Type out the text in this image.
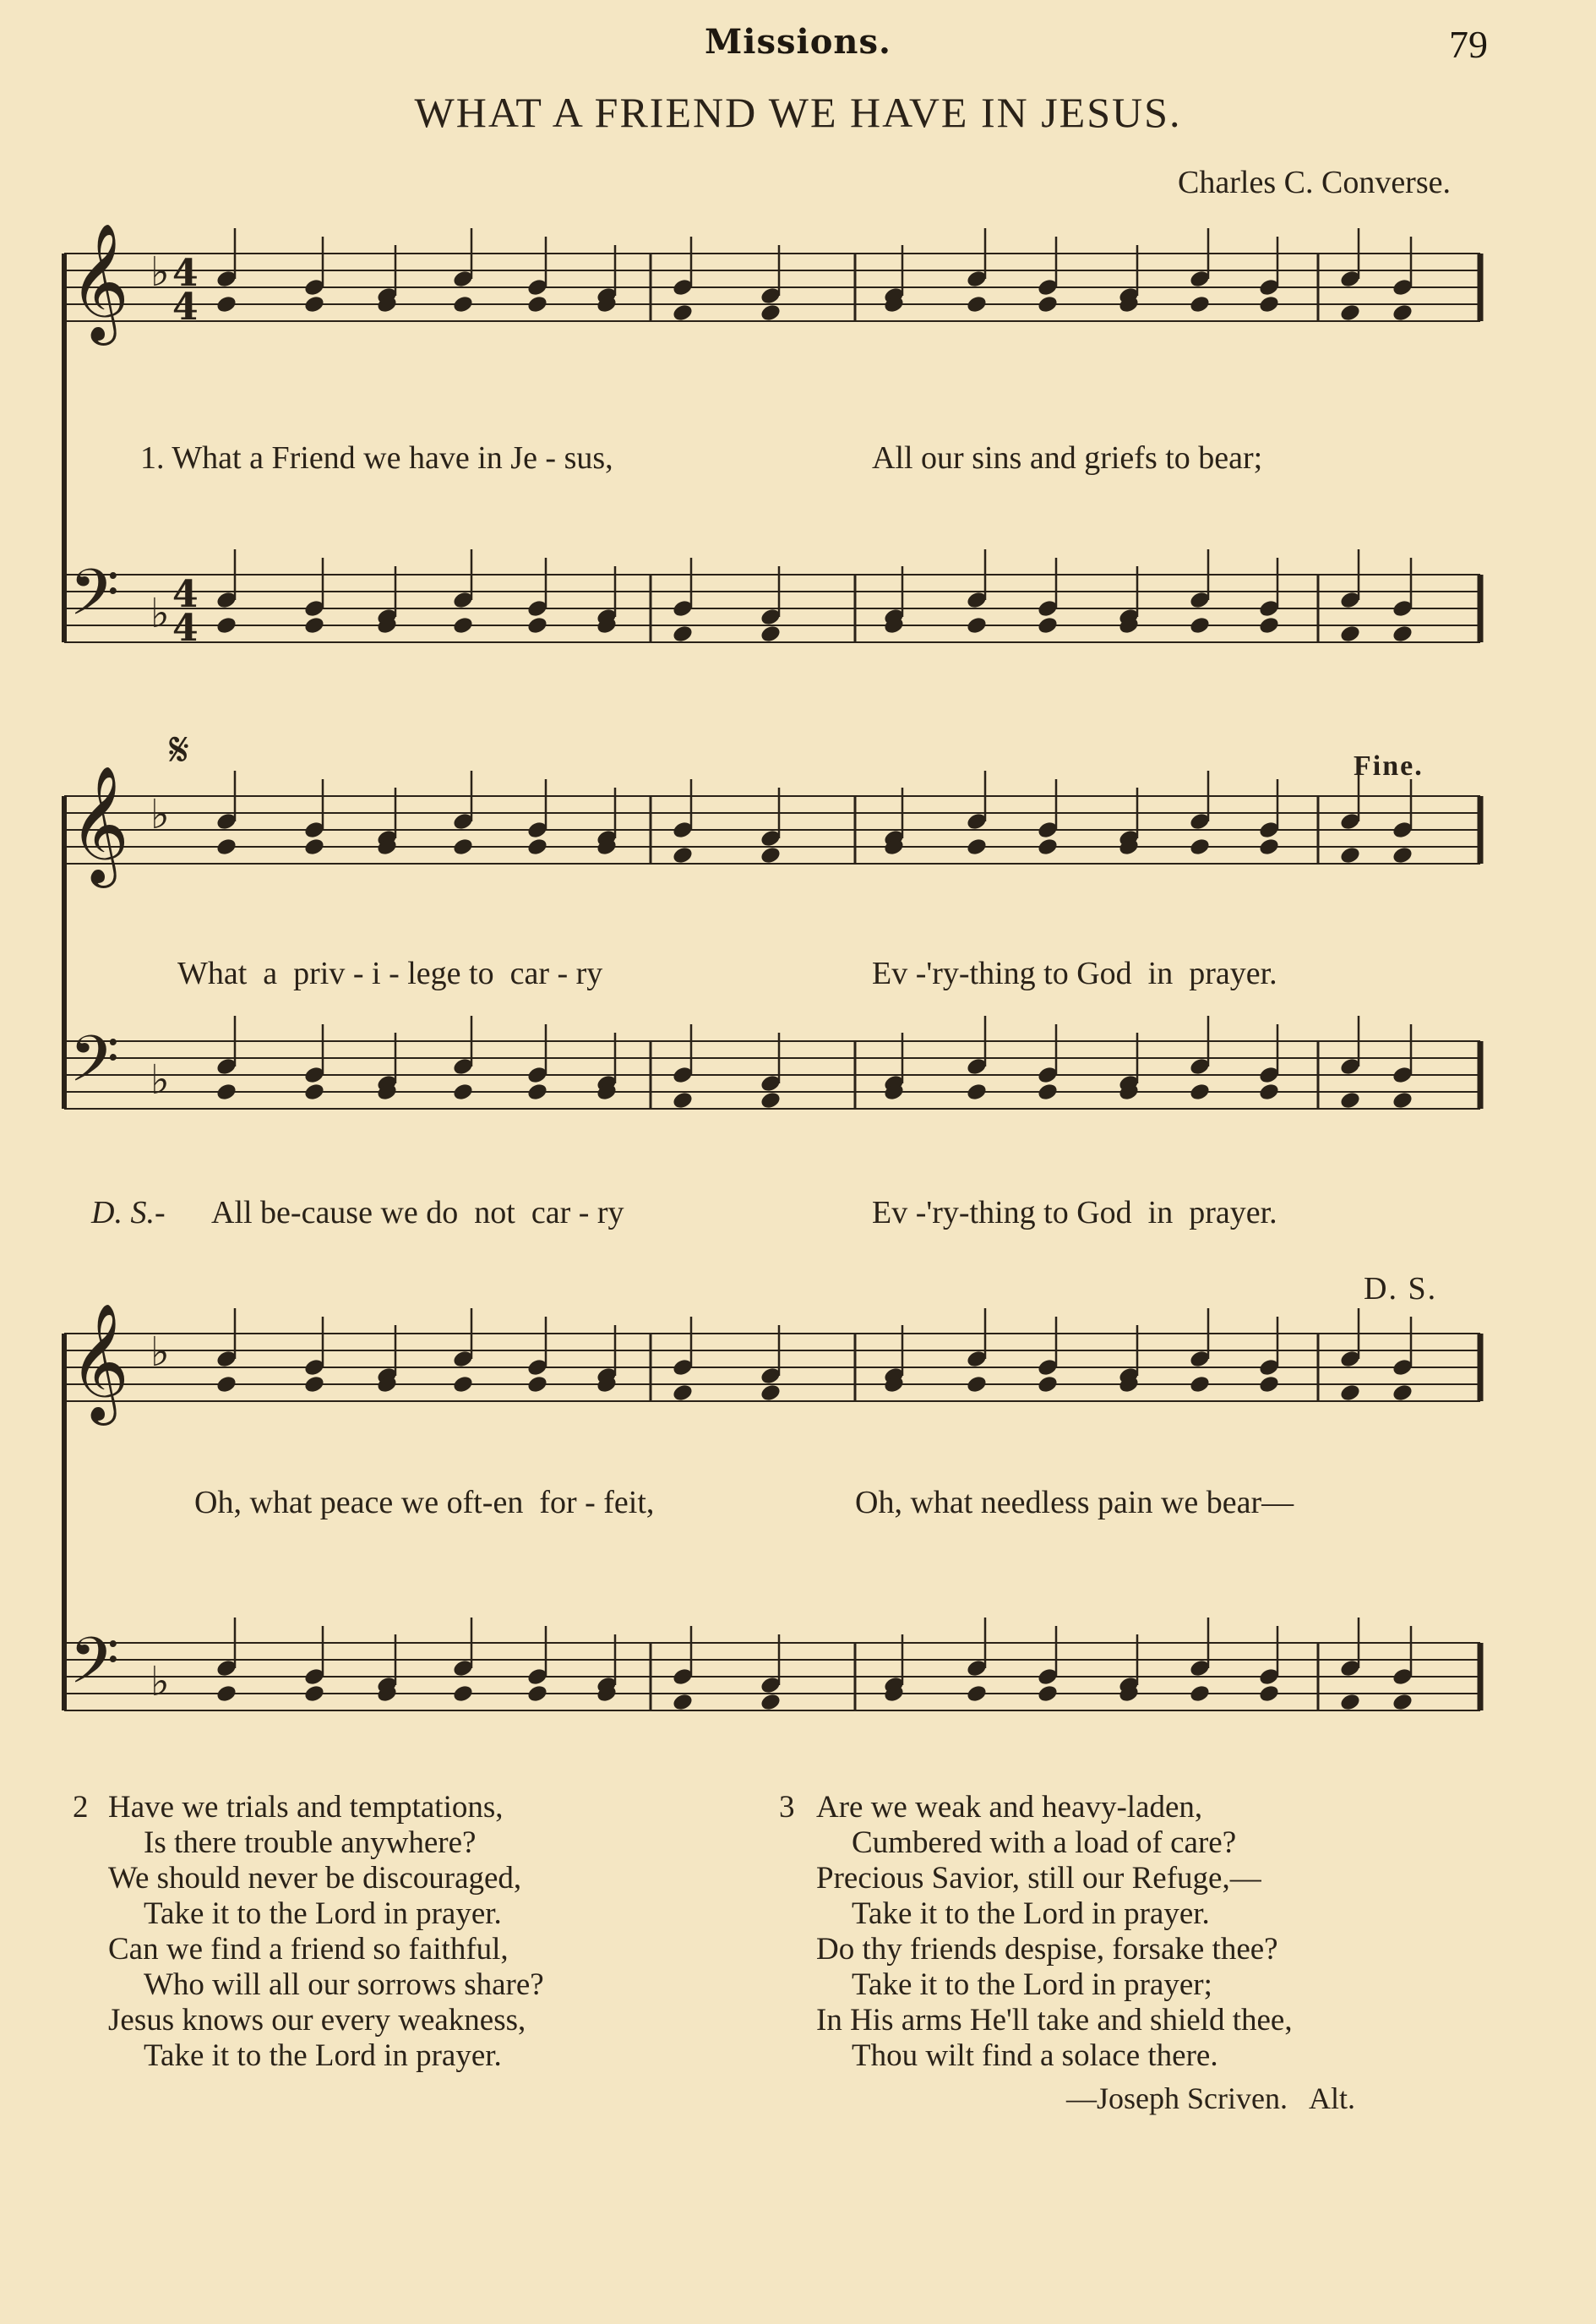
Missions.	79
WHAT A FRIEND WE HAVE IN JESUS.
Charles C. Converse.
𝄞 ♭
𝄢 ♭
𝄞 ♭
𝄢 ♭
𝄞 ♭
𝄢 ♭
4
4
4
4
𝄋
1. What a Friend we have in Je - sus,	All our sins and griefs to bear;
Fine.
What  a  priv - i - lege to  car - ry	Ev -'ry-thing to God  in  prayer.
D. S.- All be-cause we do  not  car - ry	Ev -'ry-thing to God  in  prayer.
D. S.
Oh, what peace we oft-en  for - feit,	Oh, what needless pain we bear—
2 Have we trials and temptations,
Is there trouble anywhere?
We should never be discouraged,
Take it to the Lord in prayer.
Can we find a friend so faithful,
Who will all our sorrows share?
Jesus knows our every weakness,
Take it to the Lord in prayer.
3 Are we weak and heavy-laden,
Cumbered with a load of care?
Precious Savior, still our Refuge,—
Take it to the Lord in prayer.
Do thy friends despise, forsake thee?
Take it to the Lord in prayer;
In His arms He'll take and shield thee,
Thou wilt find a solace there.
—Joseph Scriven.   Alt.
